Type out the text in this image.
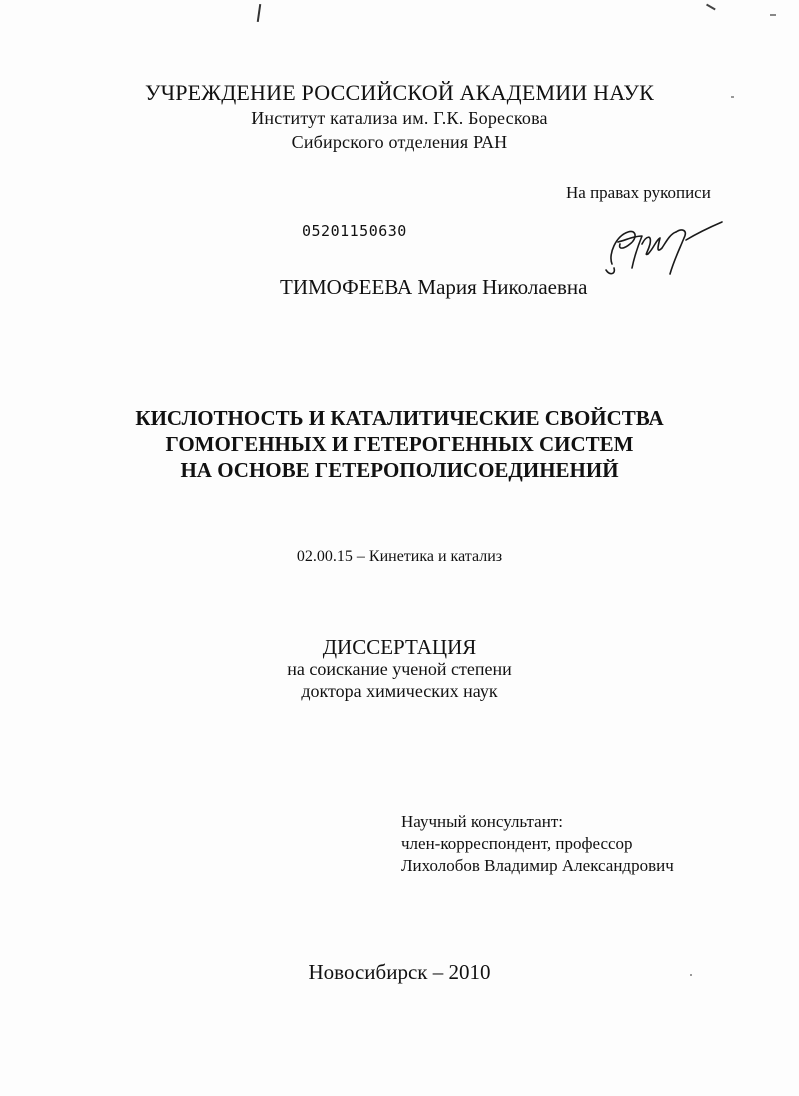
УЧРЕЖДЕНИЕ РОССИЙСКОЙ АКАДЕМИИ НАУК
Институт катализа им. Г.К. Борескова
Сибирского отделения РАН
На правах рукописи
05201150630
ТИМОФЕЕВА Мария Николаевна
КИСЛОТНОСТЬ И КАТАЛИТИЧЕСКИЕ СВОЙСТВА
ГОМОГЕННЫХ И ГЕТЕРОГЕННЫХ СИСТЕМ
НА ОСНОВЕ ГЕТЕРОПОЛИСОЕДИНЕНИЙ
02.00.15 – Кинетика и катализ
ДИССЕРТАЦИЯ
на соискание ученой степени
доктора химических наук
Научный консультант:
член-корреспондент, профессор
Лихолобов Владимир Александрович
Новосибирск – 2010
